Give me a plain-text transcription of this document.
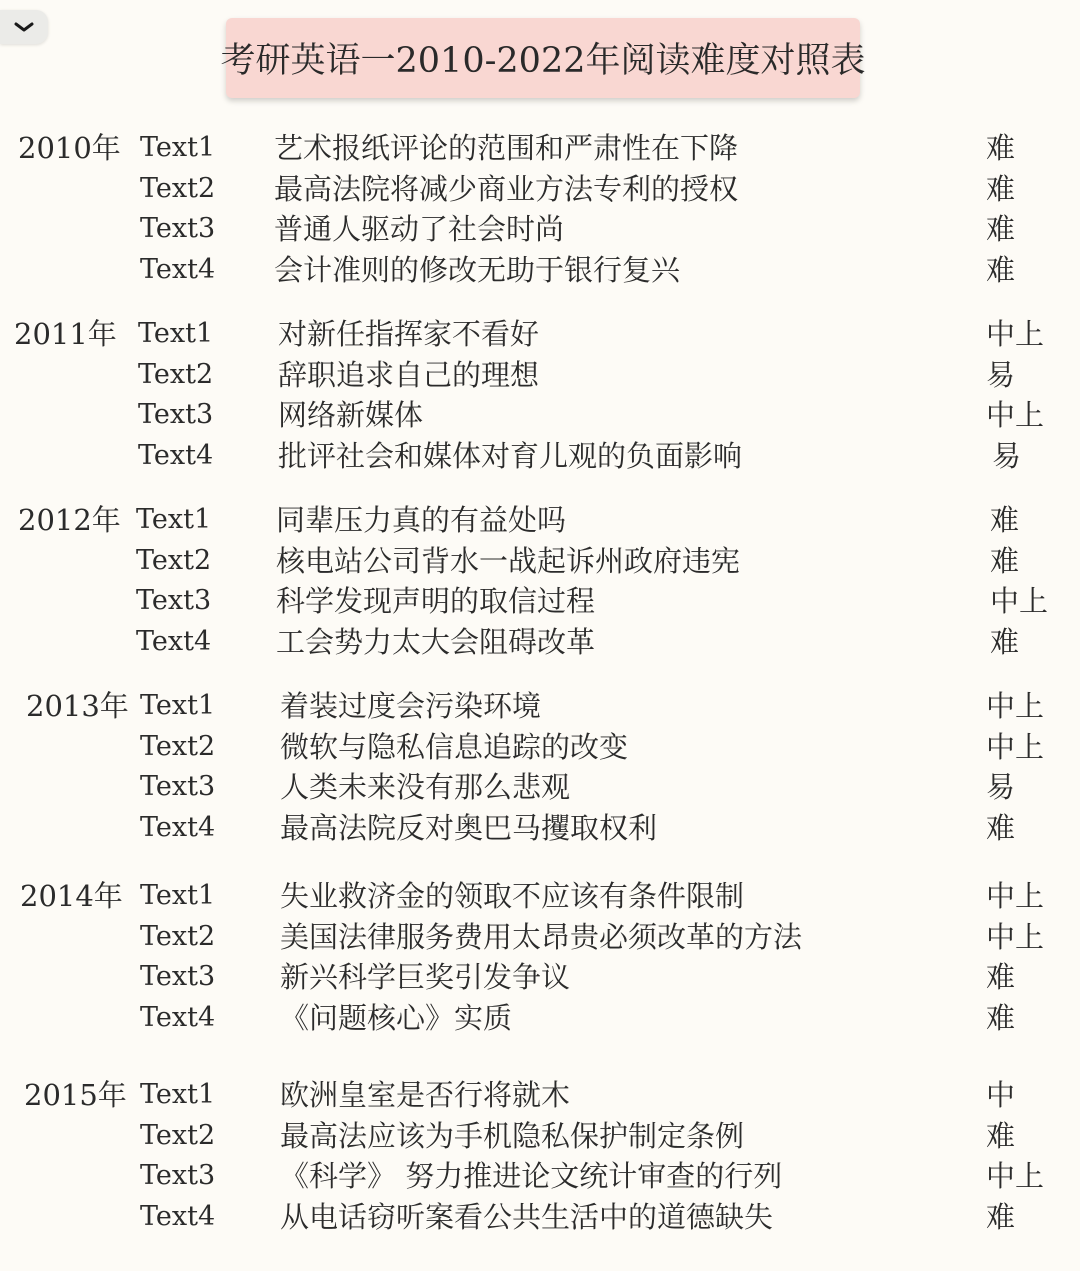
考研英语一2010-2022年阅读难度对照表
2010年 Text1 艺术报纸评论的范围和严肃性在下降	难
Text2 最高法院将减少商业方法专利的授权	难
Text3 普通人驱动了社会时尚	难
Text4 会计准则的修改无助于银行复兴	难
2011年 Text1 对新任指挥家不看好	中上
Text2 辞职追求自己的理想	易
Text3 网络新媒体	中上
Text4 批评社会和媒体对育儿观的负面影响	易
2012年 Text1 同辈压力真的有益处吗	难
Text2 核电站公司背水一战起诉州政府违宪	难
Text3 科学发现声明的取信过程	中上
Text4 工会势力太大会阻碍改革	难
2013年 Text1 着装过度会污染环境	中上
Text2 微软与隐私信息追踪的改变	中上
Text3 人类未来没有那么悲观	易
Text4 最高法院反对奥巴马攫取权利	难
2014年 Text1 失业救济金的领取不应该有条件限制	中上
Text2 美国法律服务费用太昂贵必须改革的方法	中上
Text3 新兴科学巨奖引发争议	难
Text4 《问题核心》实质	难
2015年 Text1 欧洲皇室是否行将就木	中
Text2 最高法应该为手机隐私保护制定条例	难
Text3 《科学》 努力推进论文统计审查的行列	中上
Text4 从电话窃听案看公共生活中的道德缺失	难
